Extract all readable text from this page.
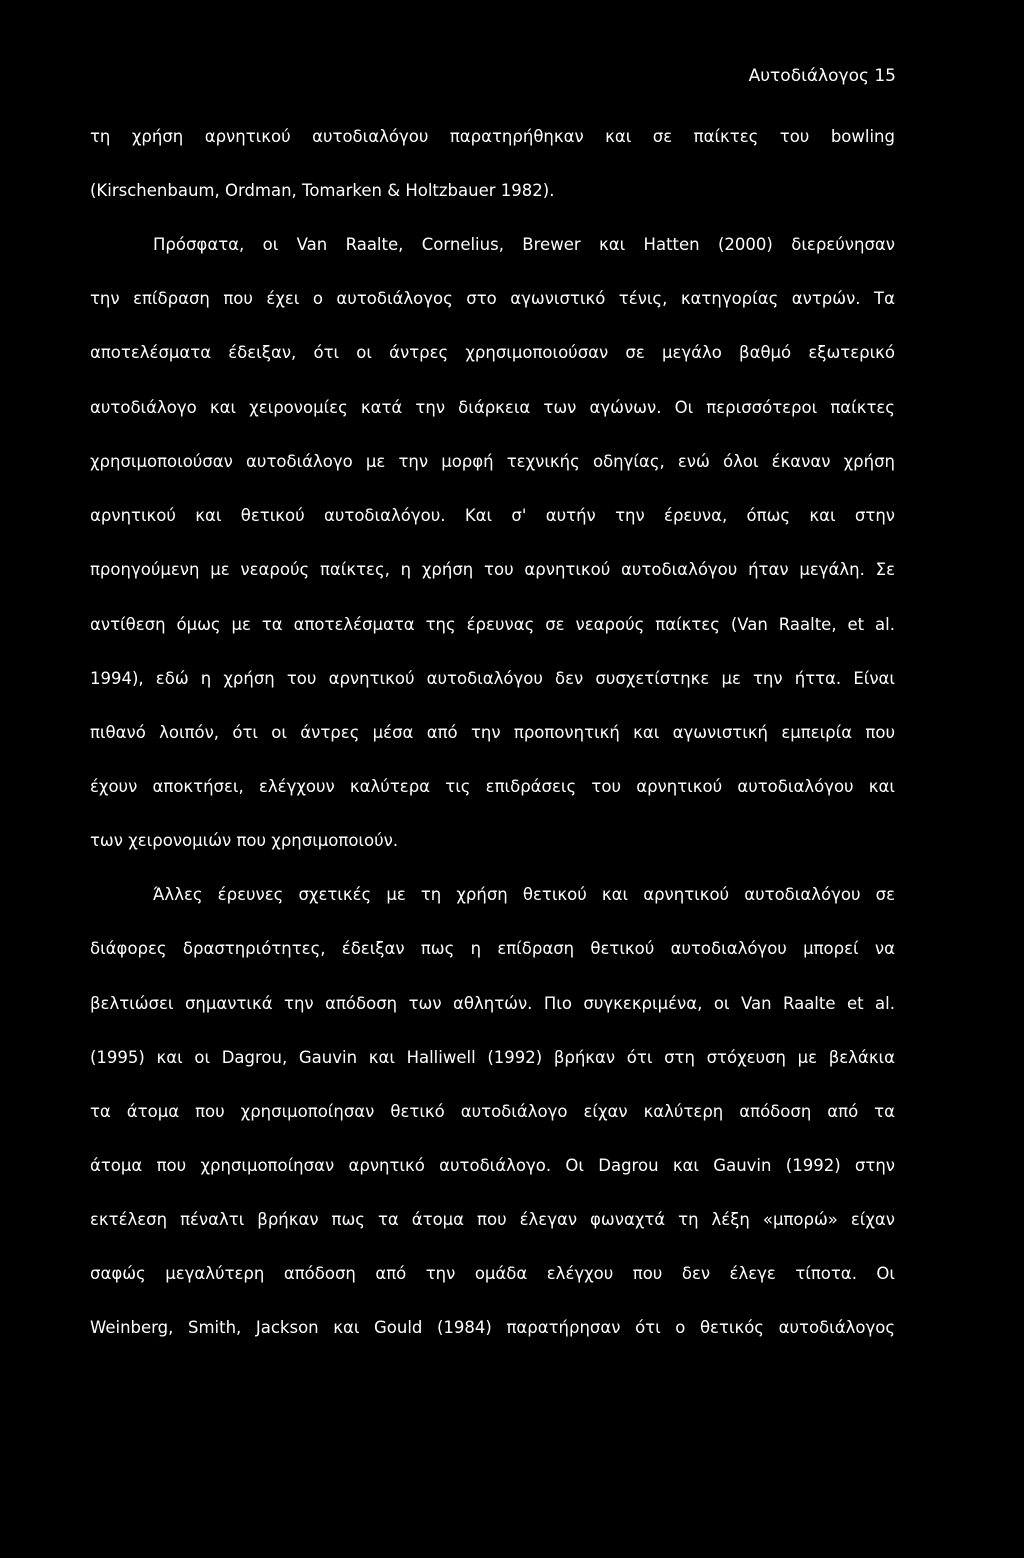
Αυτοδιάλογος 15
τη χρήση αρνητικού αυτοδιαλόγου παρατηρήθηκαν και σε παίκτες του bowling
(Kirschenbaum, Ordman, Tomarken & Holtzbauer 1982).
Πρόσφατα, οι Van Raalte, Cornelius, Brewer και Hatten (2000) διερεύνησαν
την επίδραση που έχει ο αυτοδιάλογος στο αγωνιστικό τένις, κατηγορίας αντρών. Τα
αποτελέσματα έδειξαν, ότι οι άντρες χρησιμοποιούσαν σε μεγάλο βαθμό εξωτερικό
αυτοδιάλογο και χειρονομίες κατά την διάρκεια των αγώνων. Οι περισσότεροι παίκτες
χρησιμοποιούσαν αυτοδιάλογο με την μορφή τεχνικής οδηγίας, ενώ όλοι έκαναν χρήση
αρνητικού και θετικού αυτοδιαλόγου. Και σ' αυτήν την έρευνα, όπως και στην
προηγούμενη με νεαρούς παίκτες, η χρήση του αρνητικού αυτοδιαλόγου ήταν μεγάλη. Σε
αντίθεση όμως με τα αποτελέσματα της έρευνας σε νεαρούς παίκτες (Van Raalte, et al.
1994), εδώ η χρήση του αρνητικού αυτοδιαλόγου δεν συσχετίστηκε με την ήττα. Είναι
πιθανό λοιπόν, ότι οι άντρες μέσα από την προπονητική και αγωνιστική εμπειρία που
έχουν αποκτήσει, ελέγχουν καλύτερα τις επιδράσεις του αρνητικού αυτοδιαλόγου και
των χειρονομιών που χρησιμοποιούν.
Άλλες έρευνες σχετικές με τη χρήση θετικού και αρνητικού αυτοδιαλόγου σε
διάφορες δραστηριότητες, έδειξαν πως η επίδραση θετικού αυτοδιαλόγου μπορεί να
βελτιώσει σημαντικά την απόδοση των αθλητών. Πιο συγκεκριμένα, οι Van Raalte et al.
(1995) και οι Dagrou, Gauvin και Halliwell (1992) βρήκαν ότι στη στόχευση με βελάκια
τα άτομα που χρησιμοποίησαν θετικό αυτοδιάλογο είχαν καλύτερη απόδοση από τα
άτομα που χρησιμοποίησαν αρνητικό αυτοδιάλογο. Οι Dagrou και Gauvin (1992) στην
εκτέλεση πέναλτι βρήκαν πως τα άτομα που έλεγαν φωναχτά τη λέξη «μπορώ» είχαν
σαφώς μεγαλύτερη απόδοση από την ομάδα ελέγχου που δεν έλεγε τίποτα. Οι
Weinberg, Smith, Jackson και Gould (1984) παρατήρησαν ότι ο θετικός αυτοδιάλογος
